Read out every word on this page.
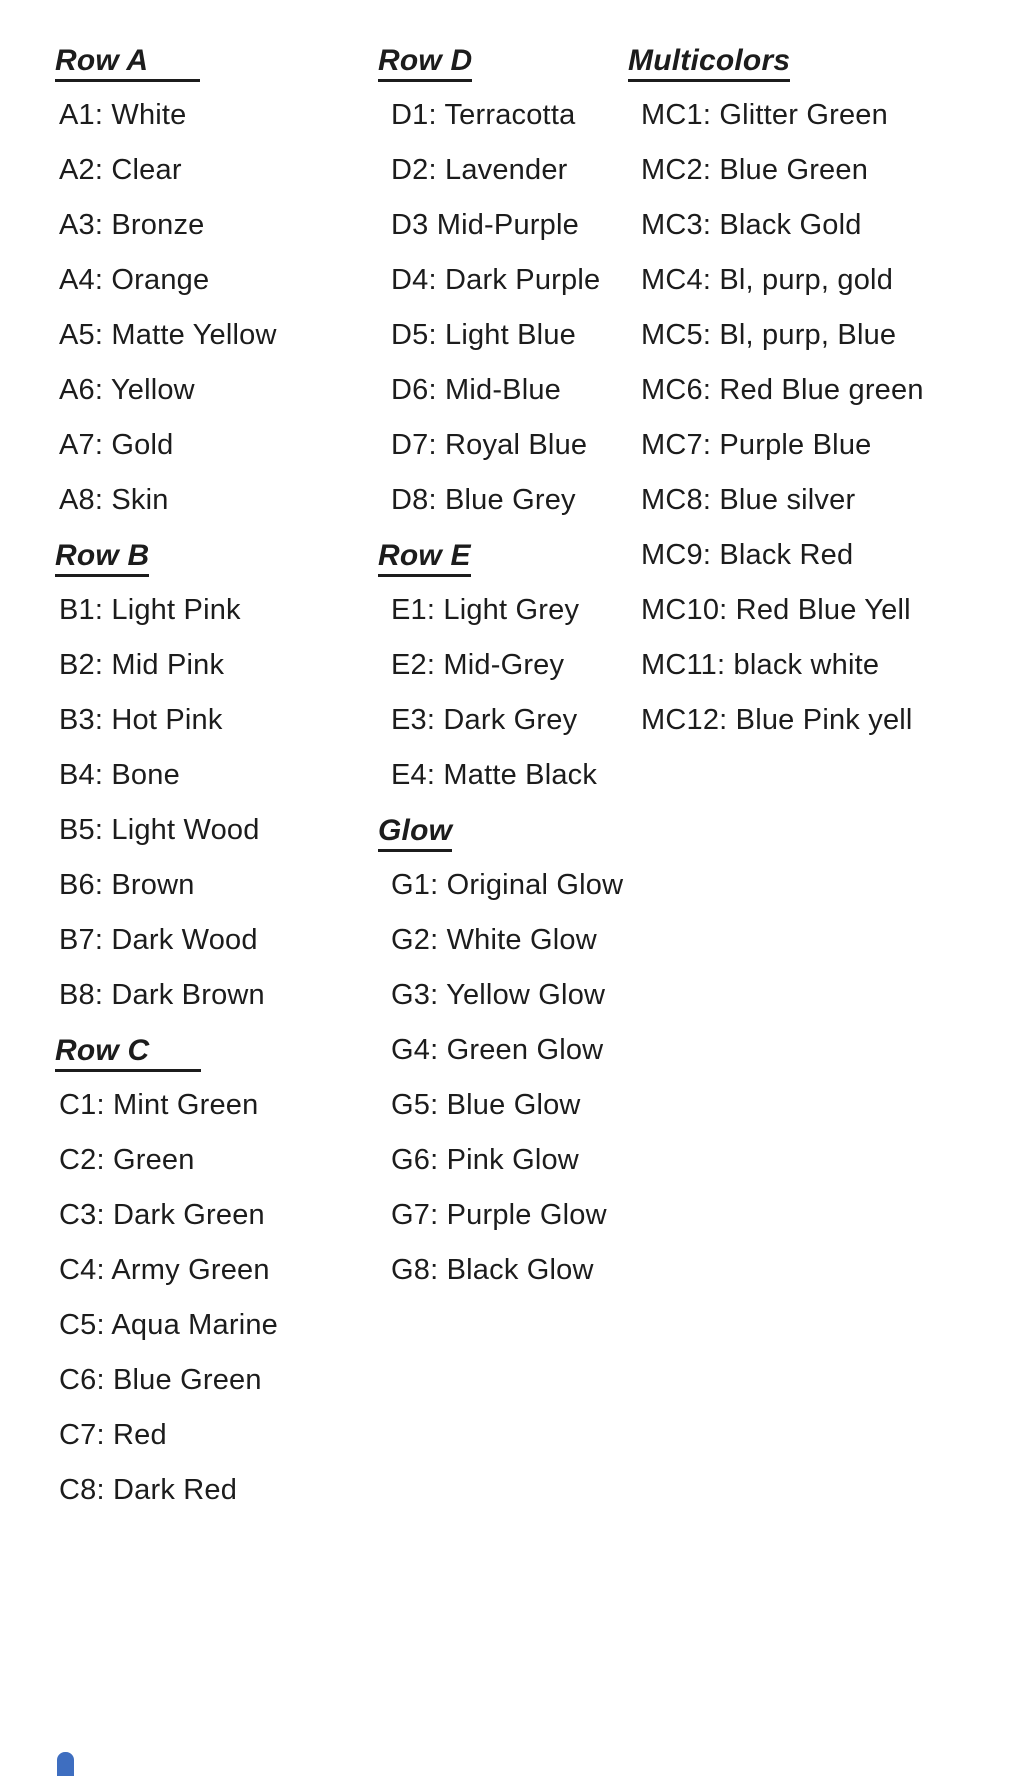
Row A
A1: White
A2: Clear
A3: Bronze
A4: Orange
A5: Matte Yellow
A6: Yellow
A7: Gold
A8: Skin
Row B
B1: Light Pink
B2: Mid Pink
B3: Hot Pink
B4: Bone
B5: Light Wood
B6: Brown
B7: Dark Wood
B8: Dark Brown
Row C
C1: Mint Green
C2: Green
C3: Dark Green
C4: Army Green
C5: Aqua Marine
C6: Blue Green
C7: Red
C8: Dark Red
Row D
D1: Terracotta
D2: Lavender
D3 Mid-Purple
D4: Dark Purple
D5: Light Blue
D6: Mid-Blue
D7: Royal Blue
D8: Blue Grey
Row E
E1: Light Grey
E2: Mid-Grey
E3: Dark Grey
E4: Matte Black
Glow
G1: Original Glow
G2: White Glow
G3: Yellow Glow
G4: Green Glow
G5: Blue Glow
G6: Pink Glow
G7: Purple Glow
G8: Black Glow
Multicolors
MC1: Glitter Green
MC2: Blue Green
MC3: Black Gold
MC4: Bl, purp, gold
MC5: Bl, purp, Blue
MC6: Red Blue green
MC7: Purple Blue
MC8: Blue silver
MC9: Black Red
MC10: Red Blue Yell
MC11: black white
MC12: Blue Pink yell
